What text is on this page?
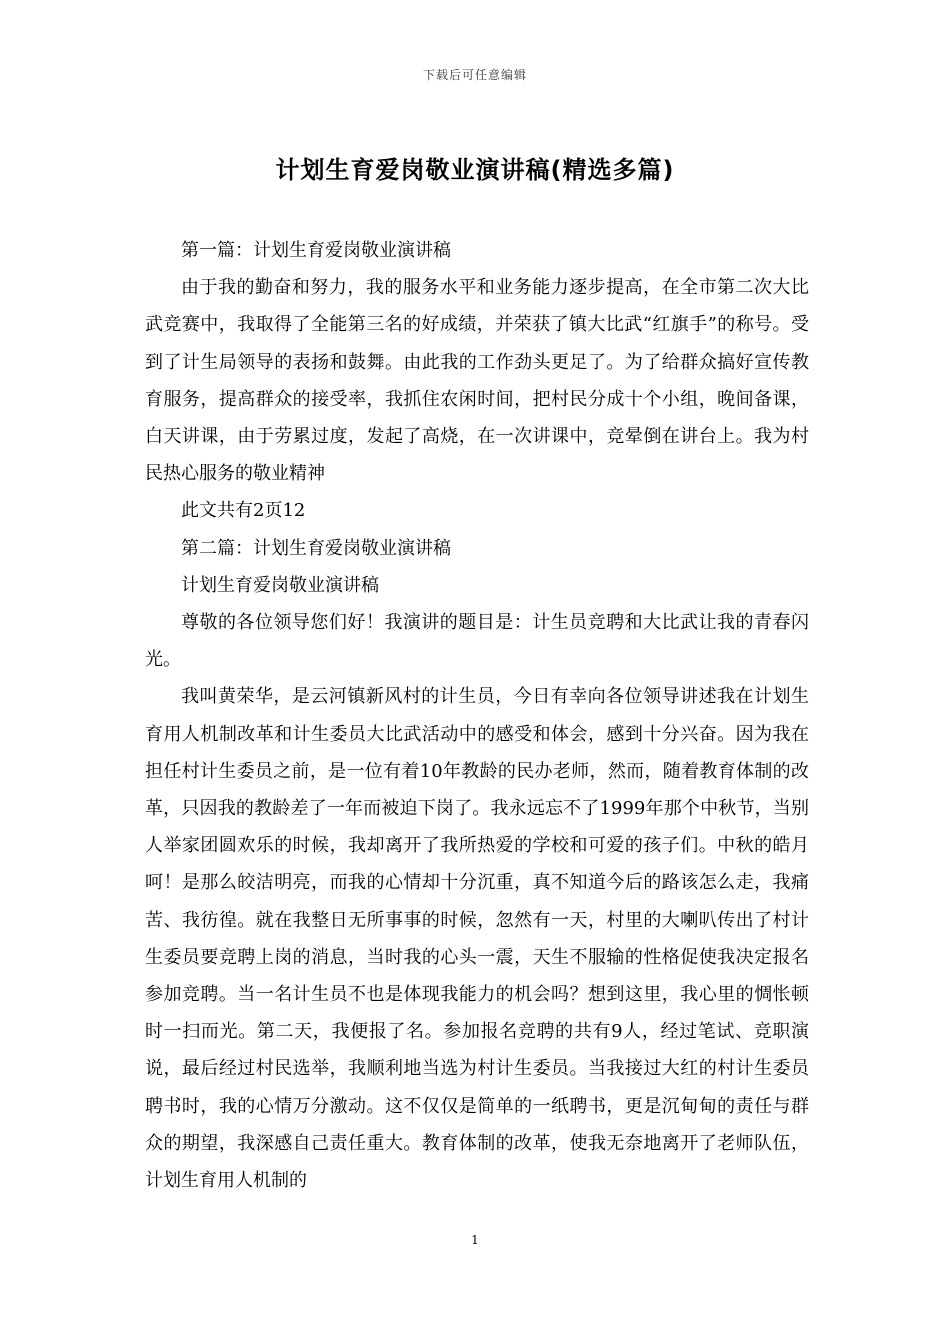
下载后可任意编辑
计划生育爱岗敬业演讲稿(精选多篇)

第一篇：计划生育爱岗敬业演讲稿

由于我的勤奋和努力，我的服务水平和业务能力逐步提高，在全市第二次大比武竞赛中，我取得了全能第三名的好成绩，并荣获了镇大比武“红旗手”的称号。受到了计生局领导的表扬和鼓舞。由此我的工作劲头更足了。为了给群众搞好宣传教育服务，提高群众的接受率，我抓住农闲时间，把村民分成十个小组，晚间备课，白天讲课，由于劳累过度，发起了高烧，在一次讲课中，竞晕倒在讲台上。我为村民热心服务的敬业精神

此文共有2页12

第二篇：计划生育爱岗敬业演讲稿

计划生育爱岗敬业演讲稿

尊敬的各位领导您们好！我演讲的题目是：计生员竞聘和大比武让我的青春闪光。

我叫黄荣华，是云河镇新风村的计生员，今日有幸向各位领导讲述我在计划生育用人机制改革和计生委员大比武活动中的感受和体会，感到十分兴奋。因为我在担任村计生委员之前，是一位有着10年教龄的民办老师，然而，随着教育体制的改革，只因我的教龄差了一年而被迫下岗了。我永远忘不了1999年那个中秋节，当别人举家团圆欢乐的时候，我却离开了我所热爱的学校和可爱的孩子们。中秋的皓月呵！是那么皎洁明亮，而我的心情却十分沉重，真不知道今后的路该怎么走，我痛苦、我彷徨。就在我整日无所事事的时候，忽然有一天，村里的大喇叭传出了村计生委员要竞聘上岗的消息，当时我的心头一震，天生不服输的性格促使我决定报名参加竞聘。当一名计生员不也是体现我能力的机会吗？想到这里，我心里的惆怅顿时一扫而光。第二天，我便报了名。参加报名竞聘的共有9人，经过笔试、竞职演说，最后经过村民选举，我顺利地当选为村计生委员。当我接过大红的村计生委员聘书时，我的心情万分激动。这不仅仅是简单的一纸聘书，更是沉甸甸的责任与群众的期望，我深感自己责任重大。教育体制的改革，使我无奈地离开了老师队伍，计划生育用人机制的

1
